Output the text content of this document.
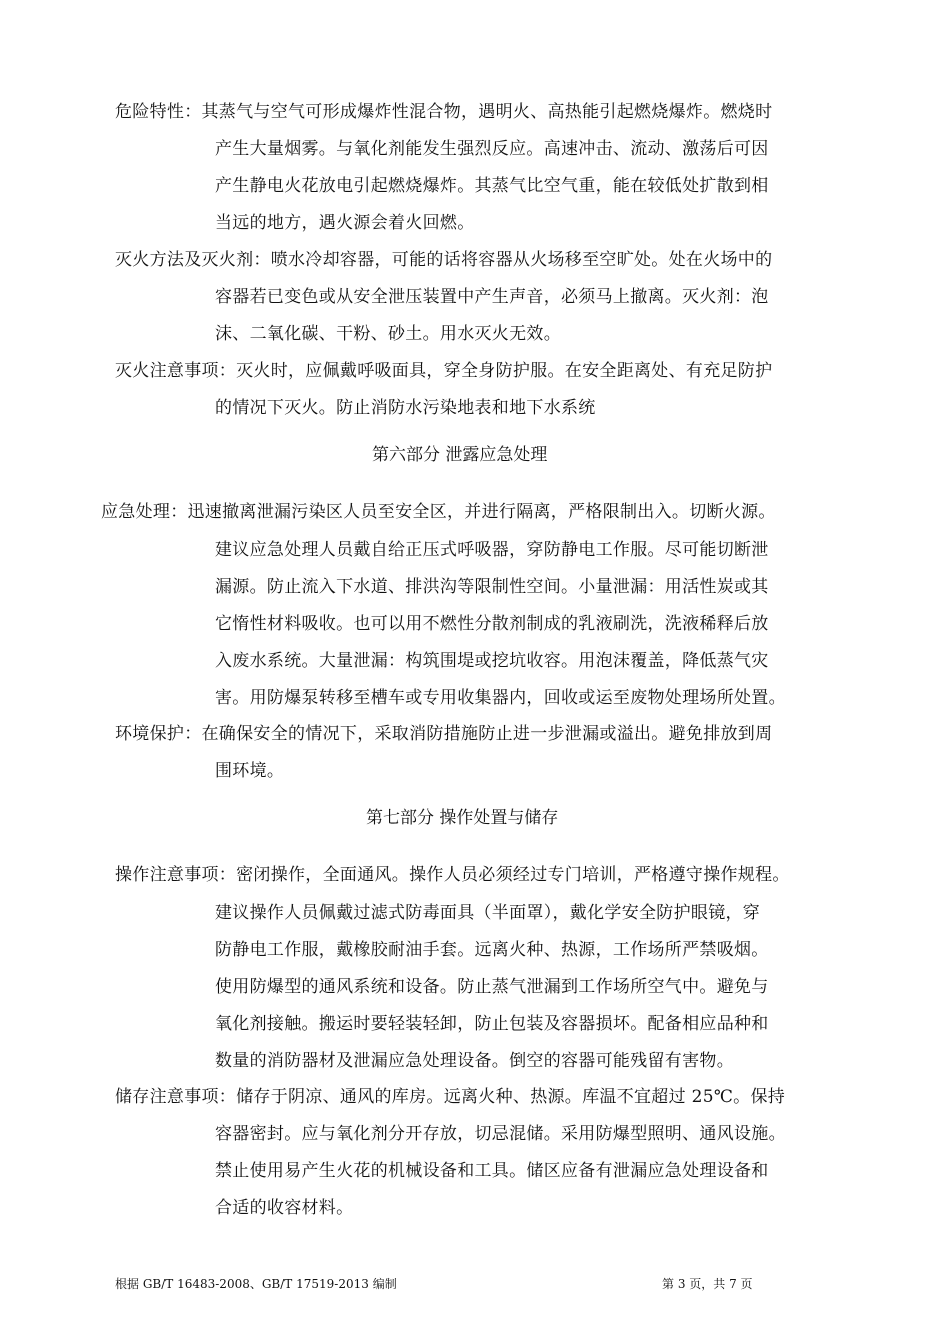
危险特性：其蒸气与空气可形成爆炸性混合物，遇明火、高热能引起燃烧爆炸。燃烧时
产生大量烟雾。与氧化剂能发生强烈反应。高速冲击、流动、激荡后可因
产生静电火花放电引起燃烧爆炸。其蒸气比空气重，能在较低处扩散到相
当远的地方，遇火源会着火回燃。
灭火方法及灭火剂：喷水冷却容器，可能的话将容器从火场移至空旷处。处在火场中的
容器若已变色或从安全泄压装置中产生声音，必须马上撤离。灭火剂：泡
沫、二氧化碳、干粉、砂土。用水灭火无效。
灭火注意事项：灭火时，应佩戴呼吸面具，穿全身防护服。在安全距离处、有充足防护
的情况下灭火。防止消防水污染地表和地下水系统
第六部分 泄露应急处理
应急处理：迅速撤离泄漏污染区人员至安全区，并进行隔离，严格限制出入。切断火源。
建议应急处理人员戴自给正压式呼吸器，穿防静电工作服。尽可能切断泄
漏源。防止流入下水道、排洪沟等限制性空间。小量泄漏：用活性炭或其
它惰性材料吸收。也可以用不燃性分散剂制成的乳液刷洗，洗液稀释后放
入废水系统。大量泄漏：构筑围堤或挖坑收容。用泡沫覆盖，降低蒸气灾
害。用防爆泵转移至槽车或专用收集器内，回收或运至废物处理场所处置。
环境保护：在确保安全的情况下，采取消防措施防止进一步泄漏或溢出。避免排放到周
围环境。
第七部分 操作处置与储存
操作注意事项：密闭操作，全面通风。操作人员必须经过专门培训，严格遵守操作规程。
建议操作人员佩戴过滤式防毒面具（半面罩），戴化学安全防护眼镜，穿
防静电工作服，戴橡胶耐油手套。远离火种、热源，工作场所严禁吸烟。
使用防爆型的通风系统和设备。防止蒸气泄漏到工作场所空气中。避免与
氧化剂接触。搬运时要轻装轻卸，防止包装及容器损坏。配备相应品种和
数量的消防器材及泄漏应急处理设备。倒空的容器可能残留有害物。
储存注意事项：储存于阴凉、通风的库房。远离火种、热源。库温不宜超过 25℃。保持
容器密封。应与氧化剂分开存放，切忌混储。采用防爆型照明、通风设施。
禁止使用易产生火花的机械设备和工具。储区应备有泄漏应急处理设备和
合适的收容材料。
根据 GB/T 16483-2008、GB/T 17519-2013 编制	第 3 页，共 7 页
